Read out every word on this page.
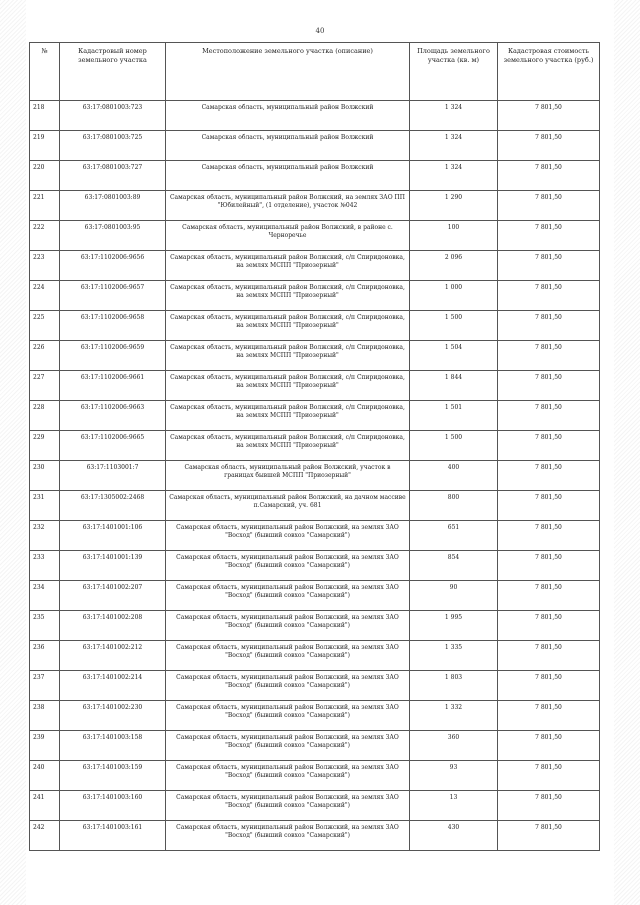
40
№	Кадастровый номер земельного участка	Местоположение земельного участка (описание)	Площадь земельного участка (кв. м)	Кадастровая стоимость земельного участка (руб.)
218	63:17:0801003:723	Самарская область, муниципальный район Волжский	1 324	7 801,50
219	63:17:0801003:725	Самарская область, муниципальный район Волжский	1 324	7 801,50
220	63:17:0801003:727	Самарская область, муниципальный район Волжский	1 324	7 801,50
221	63:17:0801003:89	Самарская область, муниципальный район Волжский, на землях ЗАО ПП "Юбилейный", (1 отделение), участок №042	1 290	7 801,50
222	63:17:0801003:95	Самарская область, муниципальный район Волжский, в районе с. Черноречье	100	7 801,50
223	63:17:1102006:9656	Самарская область, муниципальный район Волжский, с/п Спиридоновка, на землях МСПП "Приозерный"	2 096	7 801,50
224	63:17:1102006:9657	Самарская область, муниципальный район Волжский, с/п Спиридоновка, на землях МСПП "Приозерный"	1 000	7 801,50
225	63:17:1102006:9658	Самарская область, муниципальный район Волжский, с/п Спиридоновка, на землях МСПП "Приозерный"	1 500	7 801,50
226	63:17:1102006:9659	Самарская область, муниципальный район Волжский, с/п Спиридоновка, на землях МСПП "Приозерный"	1 504	7 801,50
227	63:17:1102006:9661	Самарская область, муниципальный район Волжский, с/п Спиридоновка, на землях МСПП "Приозерный"	1 844	7 801,50
228	63:17:1102006:9663	Самарская область, муниципальный район Волжский, с/п Спиридоновка, на землях МСПП "Приозерный"	1 501	7 801,50
229	63:17:1102006:9665	Самарская область, муниципальный район Волжский, с/п Спиридоновка, на землях МСПП "Приозерный"	1 500	7 801,50
230	63:17:1103001:7	Самарская область, муниципальный район Волжский, участок в границах бывшей МСПП "Приозерный"	400	7 801,50
231	63:17:1305002:2468	Самарская область, муниципальный район Волжский, на дачном массиве п.Самарский, уч. 681	800	7 801,50
232	63:17:1401001:106	Самарская область, муниципальный район Волжский, на землях ЗАО "Восход" (бывший совхоз "Самарский")	651	7 801,50
233	63:17:1401001:139	Самарская область, муниципальный район Волжский, на землях ЗАО "Восход" (бывший совхоз "Самарский")	854	7 801,50
234	63:17:1401002:207	Самарская область, муниципальный район Волжский, на землях ЗАО "Восход" (бывший совхоз "Самарский")	90	7 801,50
235	63:17:1401002:208	Самарская область, муниципальный район Волжский, на землях ЗАО "Восход" (бывший совхоз "Самарский")	1 995	7 801,50
236	63:17:1401002:212	Самарская область, муниципальный район Волжский, на землях ЗАО "Восход" (бывший совхоз "Самарский")	1 335	7 801,50
237	63:17:1401002:214	Самарская область, муниципальный район Волжский, на землях ЗАО "Восход" (бывший совхоз "Самарский")	1 803	7 801,50
238	63:17:1401002:230	Самарская область, муниципальный район Волжский, на землях ЗАО "Восход" (бывший совхоз "Самарский")	1 332	7 801,50
239	63:17:1401003:158	Самарская область, муниципальный район Волжский, на землях ЗАО "Восход" (бывший совхоз "Самарский")	360	7 801,50
240	63:17:1401003:159	Самарская область, муниципальный район Волжский, на землях ЗАО "Восход" (бывший совхоз "Самарский")	93	7 801,50
241	63:17:1401003:160	Самарская область, муниципальный район Волжский, на землях ЗАО "Восход" (бывший совхоз "Самарский")	13	7 801,50
242	63:17:1401003:161	Самарская область, муниципальный район Волжский, на землях ЗАО "Восход" (бывший совхоз "Самарский")	430	7 801,50
